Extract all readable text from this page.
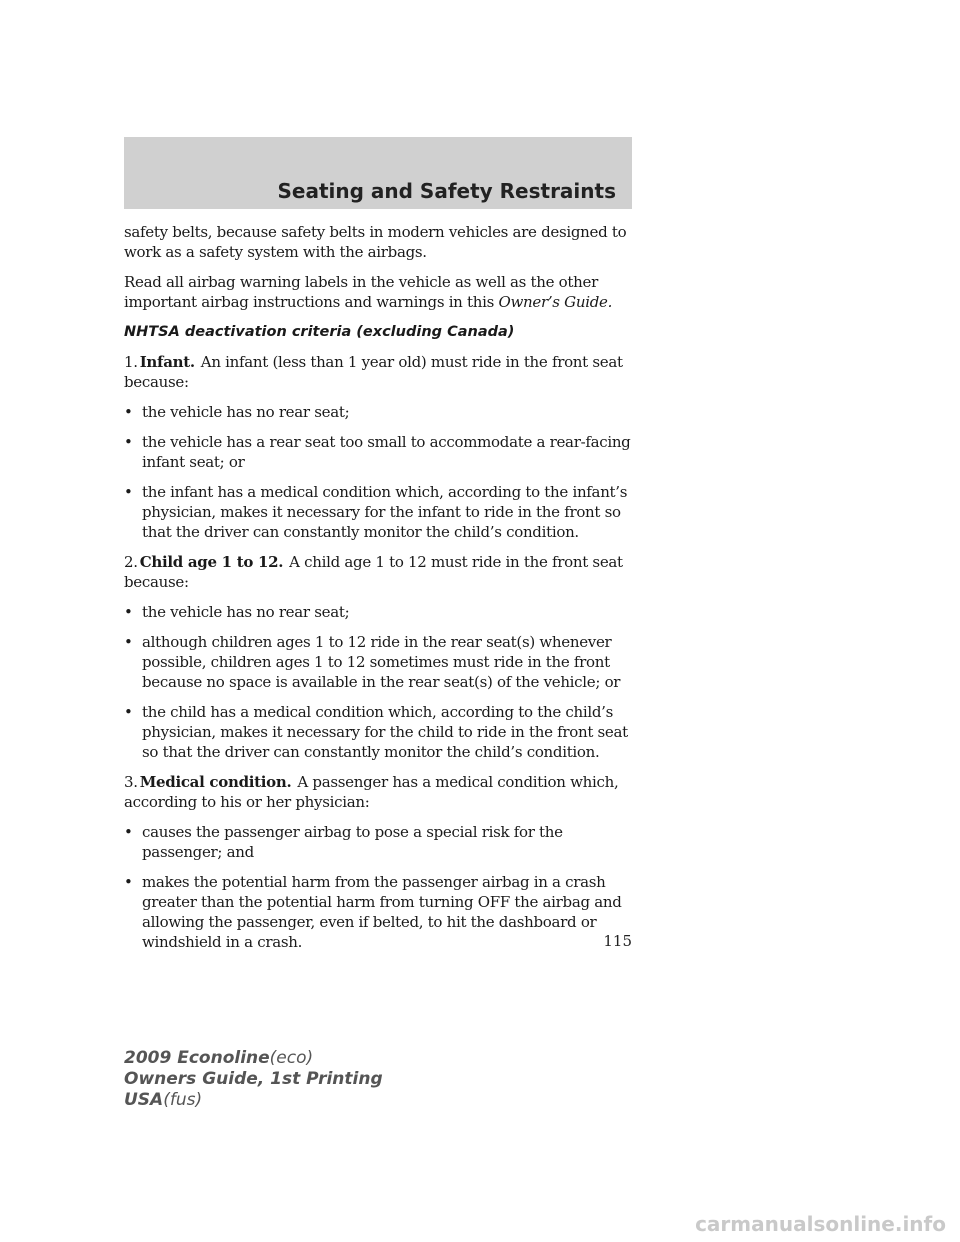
Seating and Safety Restraints

safety belts, because safety belts in modern vehicles are designed to work as a safety system with the airbags.

Read all airbag warning labels in the vehicle as well as the other important airbag instructions and warnings in this Owner’s Guide.

NHTSA deactivation criteria (excluding Canada)

1. Infant. An infant (less than 1 year old) must ride in the front seat because:

• the vehicle has no rear seat;
• the vehicle has a rear seat too small to accommodate a rear-facing infant seat; or
• the infant has a medical condition which, according to the infant’s physician, makes it necessary for the infant to ride in the front so that the driver can constantly monitor the child’s condition.

2. Child age 1 to 12. A child age 1 to 12 must ride in the front seat because:

• the vehicle has no rear seat;
• although children ages 1 to 12 ride in the rear seat(s) whenever possible, children ages 1 to 12 sometimes must ride in the front because no space is available in the rear seat(s) of the vehicle; or
• the child has a medical condition which, according to the child’s physician, makes it necessary for the child to ride in the front seat so that the driver can constantly monitor the child’s condition.

3. Medical condition. A passenger has a medical condition which, according to his or her physician:

• causes the passenger airbag to pose a special risk for the passenger; and
• makes the potential harm from the passenger airbag in a crash greater than the potential harm from turning OFF the airbag and allowing the passenger, even if belted, to hit the dashboard or windshield in a crash.	115
2009 Econoline(eco)
Owners Guide, 1st Printing
USA(fus)
carmanualsonline.info
